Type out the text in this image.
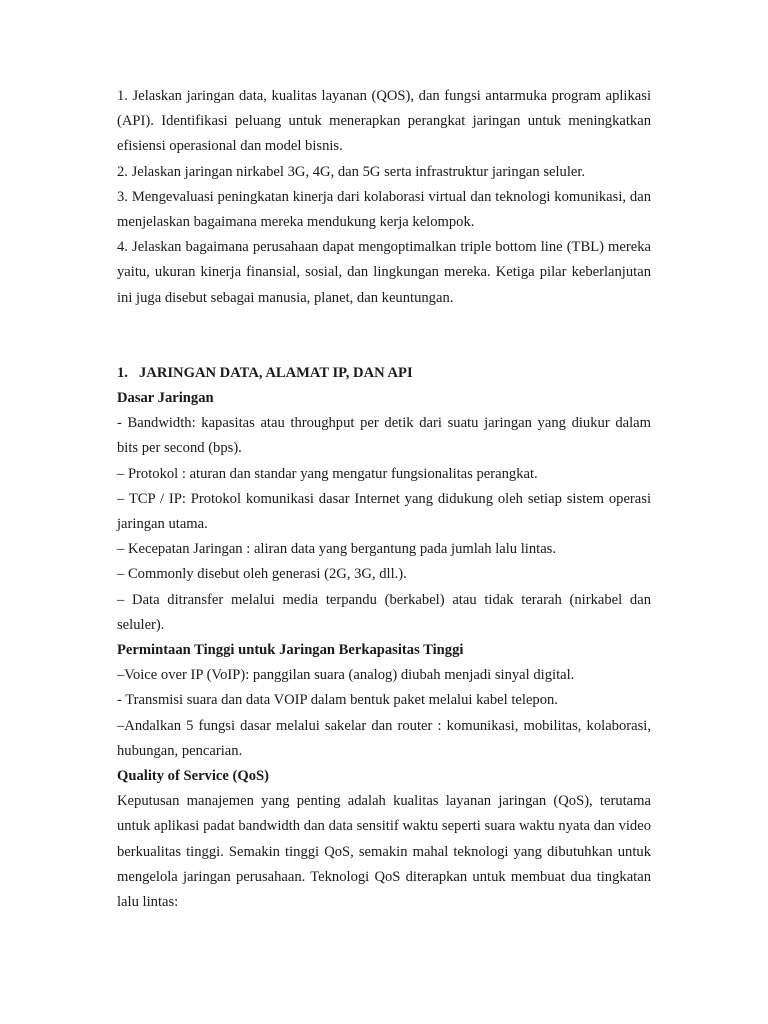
1. Jelaskan jaringan data, kualitas layanan (QOS), dan fungsi antarmuka program aplikasi (API). Identifikasi peluang untuk menerapkan perangkat jaringan untuk meningkatkan efisiensi operasional dan model bisnis.

2. Jelaskan jaringan nirkabel 3G, 4G, dan 5G serta infrastruktur jaringan seluler.

3. Mengevaluasi peningkatan kinerja dari kolaborasi virtual dan teknologi komunikasi, dan menjelaskan bagaimana mereka mendukung kerja kelompok.

4. Jelaskan bagaimana perusahaan dapat mengoptimalkan triple bottom line (TBL) mereka yaitu, ukuran kinerja finansial, sosial, dan lingkungan mereka. Ketiga pilar keberlanjutan ini juga disebut sebagai manusia, planet, dan keuntungan.

1. JARINGAN DATA, ALAMAT IP, DAN API

Dasar Jaringan

- Bandwidth: kapasitas atau throughput per detik dari suatu jaringan yang diukur dalam bits per second (bps).

– Protokol : aturan dan standar yang mengatur fungsionalitas perangkat.

– TCP / IP: Protokol komunikasi dasar Internet yang didukung oleh setiap sistem operasi jaringan utama.

– Kecepatan Jaringan : aliran data yang bergantung pada jumlah lalu lintas.

– Commonly disebut oleh generasi (2G, 3G, dll.).

– Data ditransfer melalui media terpandu (berkabel) atau tidak terarah (nirkabel dan seluler).

Permintaan Tinggi untuk Jaringan Berkapasitas Tinggi

–Voice over IP (VoIP): panggilan suara (analog) diubah menjadi sinyal digital.

- Transmisi suara dan data VOIP dalam bentuk paket melalui kabel telepon.

–Andalkan 5 fungsi dasar melalui sakelar dan router : komunikasi, mobilitas, kolaborasi, hubungan, pencarian.

Quality of Service (QoS)

Keputusan manajemen yang penting adalah kualitas layanan jaringan (QoS), terutama untuk aplikasi padat bandwidth dan data sensitif waktu seperti suara waktu nyata dan video berkualitas tinggi. Semakin tinggi QoS, semakin mahal teknologi yang dibutuhkan untuk mengelola jaringan perusahaan. Teknologi QoS diterapkan untuk membuat dua tingkatan lalu lintas:
